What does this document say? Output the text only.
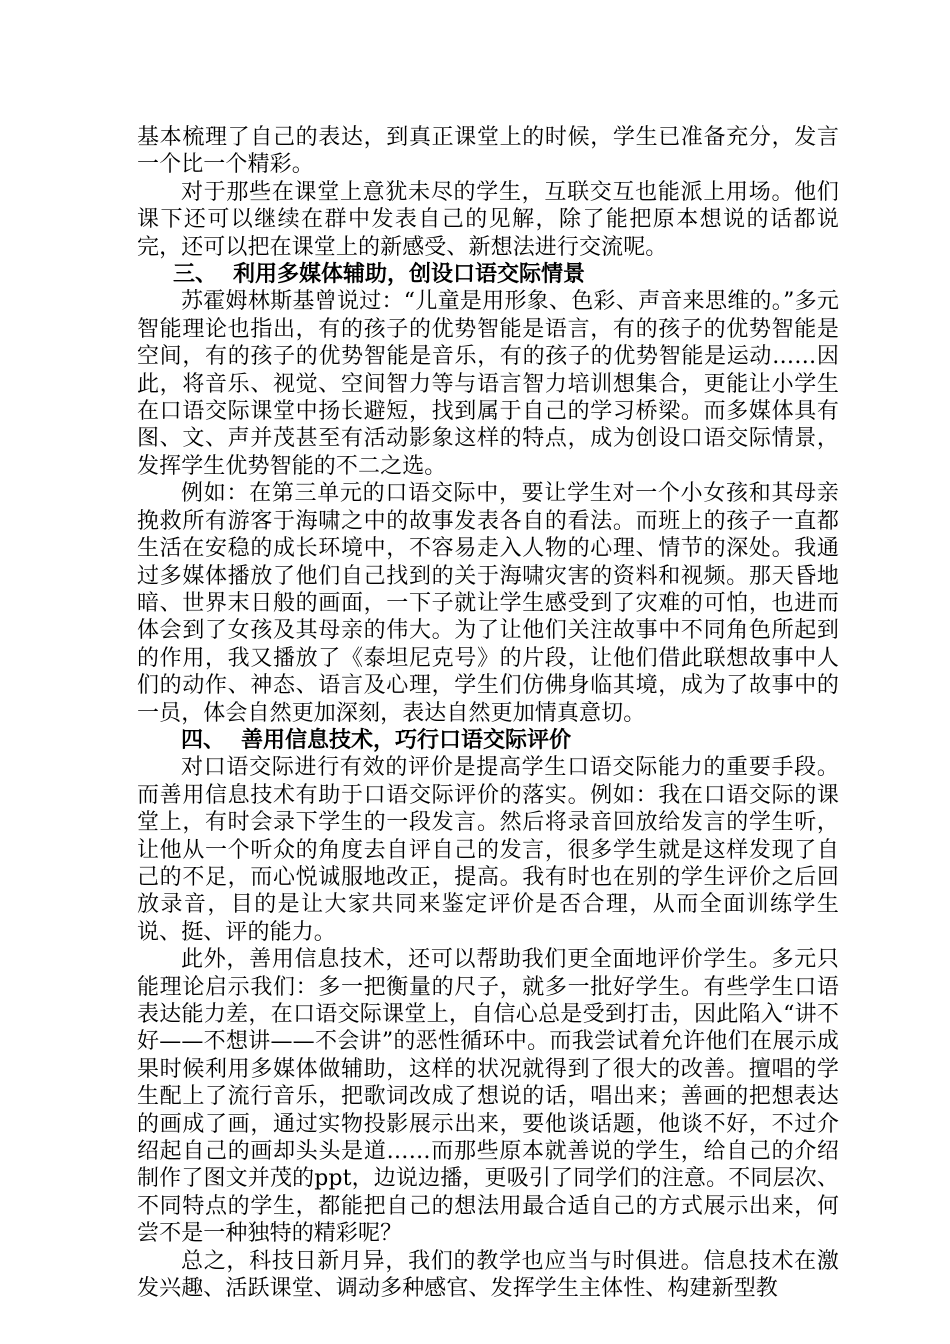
基本梳理了自己的表达，到真正课堂上的时候，学生已准备充分，发言一个比一个精彩。

对于那些在课堂上意犹未尽的学生，互联交互也能派上用场。他们课下还可以继续在群中发表自己的见解，除了能把原本想说的话都说完，还可以把在课堂上的新感受、新想法进行交流呢。

三、 利用多媒体辅助，创设口语交际情景

苏霍姆林斯基曾说过：“儿童是用形象、色彩、声音来思维的。”多元智能理论也指出，有的孩子的优势智能是语言，有的孩子的优势智能是空间，有的孩子的优势智能是音乐，有的孩子的优势智能是运动……因此，将音乐、视觉、空间智力等与语言智力培训想集合，更能让小学生在口语交际课堂中扬长避短，找到属于自己的学习桥梁。而多媒体具有图、文、声并茂甚至有活动影象这样的特点，成为创设口语交际情景，发挥学生优势智能的不二之选。

例如：在第三单元的口语交际中，要让学生对一个小女孩和其母亲挽救所有游客于海啸之中的故事发表各自的看法。而班上的孩子一直都生活在安稳的成长环境中，不容易走入人物的心理、情节的深处。我通过多媒体播放了他们自己找到的关于海啸灾害的资料和视频。那天昏地暗、世界末日般的画面，一下子就让学生感受到了灾难的可怕，也进而体会到了女孩及其母亲的伟大。为了让他们关注故事中不同角色所起到的作用，我又播放了《泰坦尼克号》的片段，让他们借此联想故事中人们的动作、神态、语言及心理，学生们仿佛身临其境，成为了故事中的一员，体会自然更加深刻，表达自然更加情真意切。

四、 善用信息技术，巧行口语交际评价

对口语交际进行有效的评价是提高学生口语交际能力的重要手段。而善用信息技术有助于口语交际评价的落实。例如：我在口语交际的课堂上，有时会录下学生的一段发言。然后将录音回放给发言的学生听，让他从一个听众的角度去自评自己的发言，很多学生就是这样发现了自己的不足，而心悦诚服地改正，提高。我有时也在别的学生评价之后回放录音，目的是让大家共同来鉴定评价是否合理，从而全面训练学生说、挺、评的能力。

此外，善用信息技术，还可以帮助我们更全面地评价学生。多元只能理论启示我们：多一把衡量的尺子，就多一批好学生。有些学生口语表达能力差，在口语交际课堂上，自信心总是受到打击，因此陷入“讲不好——不想讲——不会讲”的恶性循环中。而我尝试着允许他们在展示成果时候利用多媒体做辅助，这样的状况就得到了很大的改善。擅唱的学生配上了流行音乐，把歌词改成了想说的话，唱出来；善画的把想表达的画成了画，通过实物投影展示出来，要他谈话题，他谈不好，不过介绍起自己的画却头头是道……而那些原本就善说的学生，给自己的介绍制作了图文并茂的ppt，边说边播，更吸引了同学们的注意。不同层次、不同特点的学生，都能把自己的想法用最合适自己的方式展示出来，何尝不是一种独特的精彩呢？

总之，科技日新月异，我们的教学也应当与时俱进。信息技术在激发兴趣、活跃课堂、调动多种感官、发挥学生主体性、构建新型教
